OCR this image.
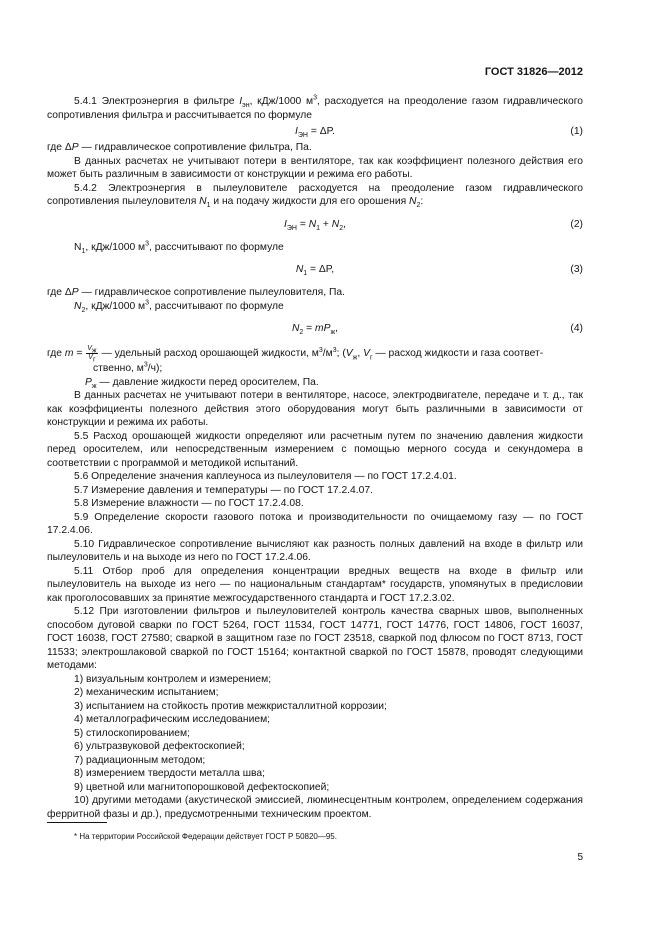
ГОСТ 31826—2012

5.4.1 Электроэнергия в фильтре $I_{эн}$, кДж/1000 $м^3$, расходуется на преодоление газом гидравлического сопротивления фильтра и рассчитывается по формуле

$I_{ЭН} = \Delta P$.	(1)

где ΔP — гидравлическое сопротивление фильтра, Па.

В данных расчетах не учитывают потери в вентиляторе, так как коэффициент полезного действия его может быть различным в зависимости от конструкции и режима его работы.

5.4.2 Электроэнергия в пылеуловителе расходуется на преодоление газом гидравлического сопротивления пылеуловителя $N_1$ и на подачу жидкости для его орошения $N_2$:

$I_{ЭН} = N_1 + N_2$,	(2)

$N_1$, кДж/1000 $м^3$, рассчитывают по формуле

$N_1 = \Delta P$,	(3)

где ΔP — гидравлическое сопротивление пылеуловителя, Па.

$N_2$, кДж/1000 $м^3$, рассчитывают по формуле

$N_2 = mP_ж$,	(4)

где $m = \frac{V_ж}{V_г}$ — удельный расход орошающей жидкости, $м^3/м^3$; ($V_ж$, $V_г$ — расход жидкости и газа соответ-

ственно, $м^3/ч$);

$P_ж$ — давление жидкости перед оросителем, Па.

В данных расчетах не учитывают потери в вентиляторе, насосе, электродвигателе, передаче и т. д., так как коэффициенты полезного действия этого оборудования могут быть различными в зависимости от конструкции и режима их работы.

5.5 Расход орошающей жидкости определяют или расчетным путем по значению давления жидкости перед оросителем, или непосредственным измерением с помощью мерного сосуда и секундомера в соответствии с программой и методикой испытаний.

5.6 Определение значения каплеуноса из пылеуловителя — по ГОСТ 17.2.4.01.

5.7 Измерение давления и температуры — по ГОСТ 17.2.4.07.

5.8 Измерение влажности — по ГОСТ 17.2.4.08.

5.9 Определение скорости газового потока и производительности по очищаемому газу — по ГОСТ 17.2.4.06.

5.10 Гидравлическое сопротивление вычисляют как разность полных давлений на входе в фильтр или пылеуловитель и на выходе из него по ГОСТ 17.2.4.06.

5.11 Отбор проб для определения концентрации вредных веществ на входе в фильтр или пылеуловитель на выходе из него — по национальным стандартам* государств, упомянутых в предисловии как проголосовавших за принятие межгосударственного стандарта и ГОСТ 17.2.3.02.

5.12 При изготовлении фильтров и пылеуловителей контроль качества сварных швов, выполненных способом дуговой сварки по ГОСТ 5264, ГОСТ 11534, ГОСТ 14771, ГОСТ 14776, ГОСТ 14806, ГОСТ 16037, ГОСТ 16038, ГОСТ 27580; сваркой в защитном газе по ГОСТ 23518, сваркой под флюсом по ГОСТ 8713, ГОСТ 11533; электрошлаковой сваркой по ГОСТ 15164; контактной сваркой по ГОСТ 15878, проводят следующими методами:

1) визуальным контролем и измерением;

2) механическим испытанием;

3) испытанием на стойкость против межкристаллитной коррозии;

4) металлографическим исследованием;

5) стилоскопированием;

6) ультразвуковой дефектоскопией;

7) радиационным методом;

8) измерением твердости металла шва;

9) цветной или магнитопорошковой дефектоскопией;

10) другими методами (акустической эмиссией, люминесцентным контролем, определением содержания ферритной фазы и др.), предусмотренными техническим проектом.

* На территории Российской Федерации действует ГОСТ Р 50820—95.
5
